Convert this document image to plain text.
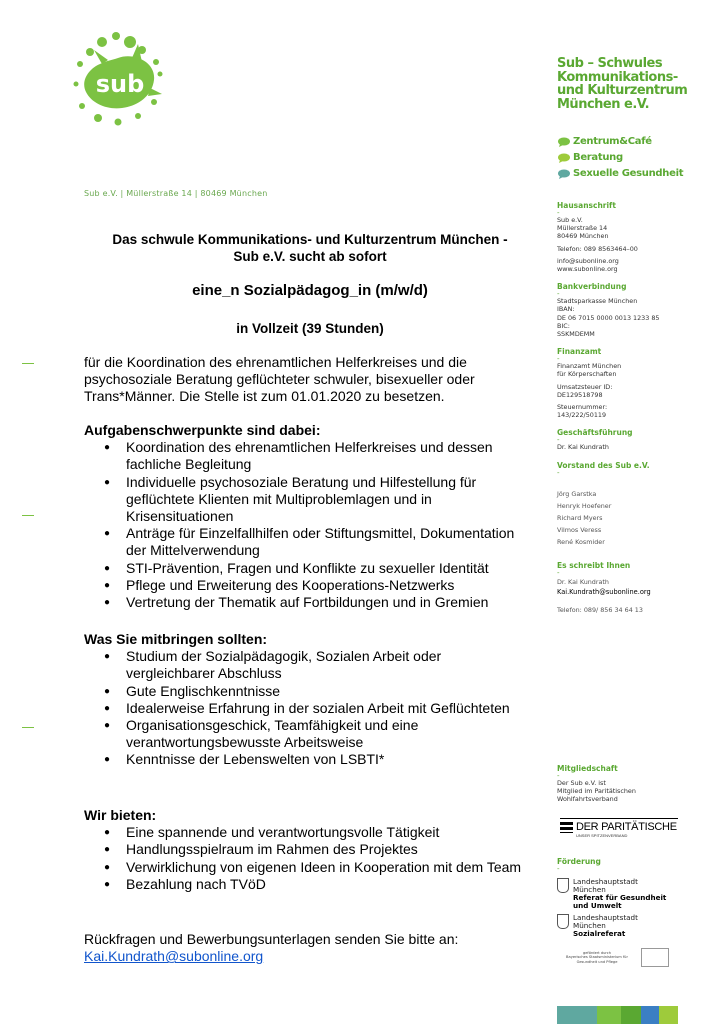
sub
Sub e.V. | Müllerstraße 14 | 80469 München
Das schwule Kommunikations- und Kulturzentrum München -
Sub e.V. sucht ab sofort
eine_n Sozialpädagog_in (m/w/d)
in Vollzeit (39 Stunden)
für die Koordination des ehrenamtlichen Helferkreises und die psychosoziale Beratung geflüchteter schwuler, bisexueller oder Trans*Männer. Die Stelle ist zum 01.01.2020 zu besetzen.
Aufgabenschwerpunkte sind dabei:
● Koordination des ehrenamtlichen Helferkreises und dessen fachliche Begleitung
● Individuelle psychosoziale Beratung und Hilfestellung für geflüchtete Klienten mit Multiproblemlagen und in Krisensituationen
● Anträge für Einzelfallhilfen oder Stiftungsmittel, Dokumentation der Mittelverwendung
● STI-Prävention, Fragen und Konflikte zu sexueller Identität
● Pflege und Erweiterung des Kooperations-Netzwerks
● Vertretung der Thematik auf Fortbildungen und in Gremien
Was Sie mitbringen sollten:
● Studium der Sozialpädagogik, Sozialen Arbeit oder vergleichbarer Abschluss
● Gute Englischkenntnisse
● Idealerweise Erfahrung in der sozialen Arbeit mit Geflüchteten
● Organisationsgeschick, Teamfähigkeit und eine verantwortungsbewusste Arbeitsweise
● Kenntnisse der Lebenswelten von LSBTI*
Wir bieten:
● Eine spannende und verantwortungsvolle Tätigkeit
● Handlungsspielraum im Rahmen des Projektes
● Verwirklichung von eigenen Ideen in Kooperation mit dem Team
● Bezahlung nach TVöD
Rückfragen und Bewerbungsunterlagen senden Sie bitte an:
Kai.Kundrath@subonline.org
Sub – Schwules
Kommunikations-
und Kulturzentrum
München e.V.
Zentrum&Café
Beratung
Sexuelle Gesundheit
Hausanschrift
-
Sub e.V.
Müllerstraße 14
80469 München
Telefon: 089 8563464–00
info@subonline.org
www.subonline.org
Bankverbindung
-
Stadtsparkasse München
IBAN:
DE 06 7015 0000 0013 1233 85
BIC:
SSKMDEMM
Finanzamt
-
Finanzamt München
für Körperschaften
Umsatzsteuer ID:
DE129518798
Steuernummer:
143/222/50119
Geschäftsführung
-
Dr. Kai Kundrath
Vorstand des Sub e.V.
-
Jörg Garstka
Henryk Hoefener
Richard Myers
Vilmos Veress
René Kosmider
Es schreibt Ihnen
-
Dr. Kai Kundrath
Kai.Kundrath@subonline.org
Telefon: 089/ 856 34 64 13
Mitgliedschaft
-
Der Sub e.V. ist
Mitglied im Paritätischen
Wohlfahrtsverband
DER PARITÄTISCHE
UNSER SPITZENVERBAND
Förderung
-
Landeshauptstadt
München
Referat für Gesundheit
und Umwelt
Landeshauptstadt
München
Sozialreferat
gefördert durch
Bayerisches Staatsministerium für
Gesundheit und Pflege
